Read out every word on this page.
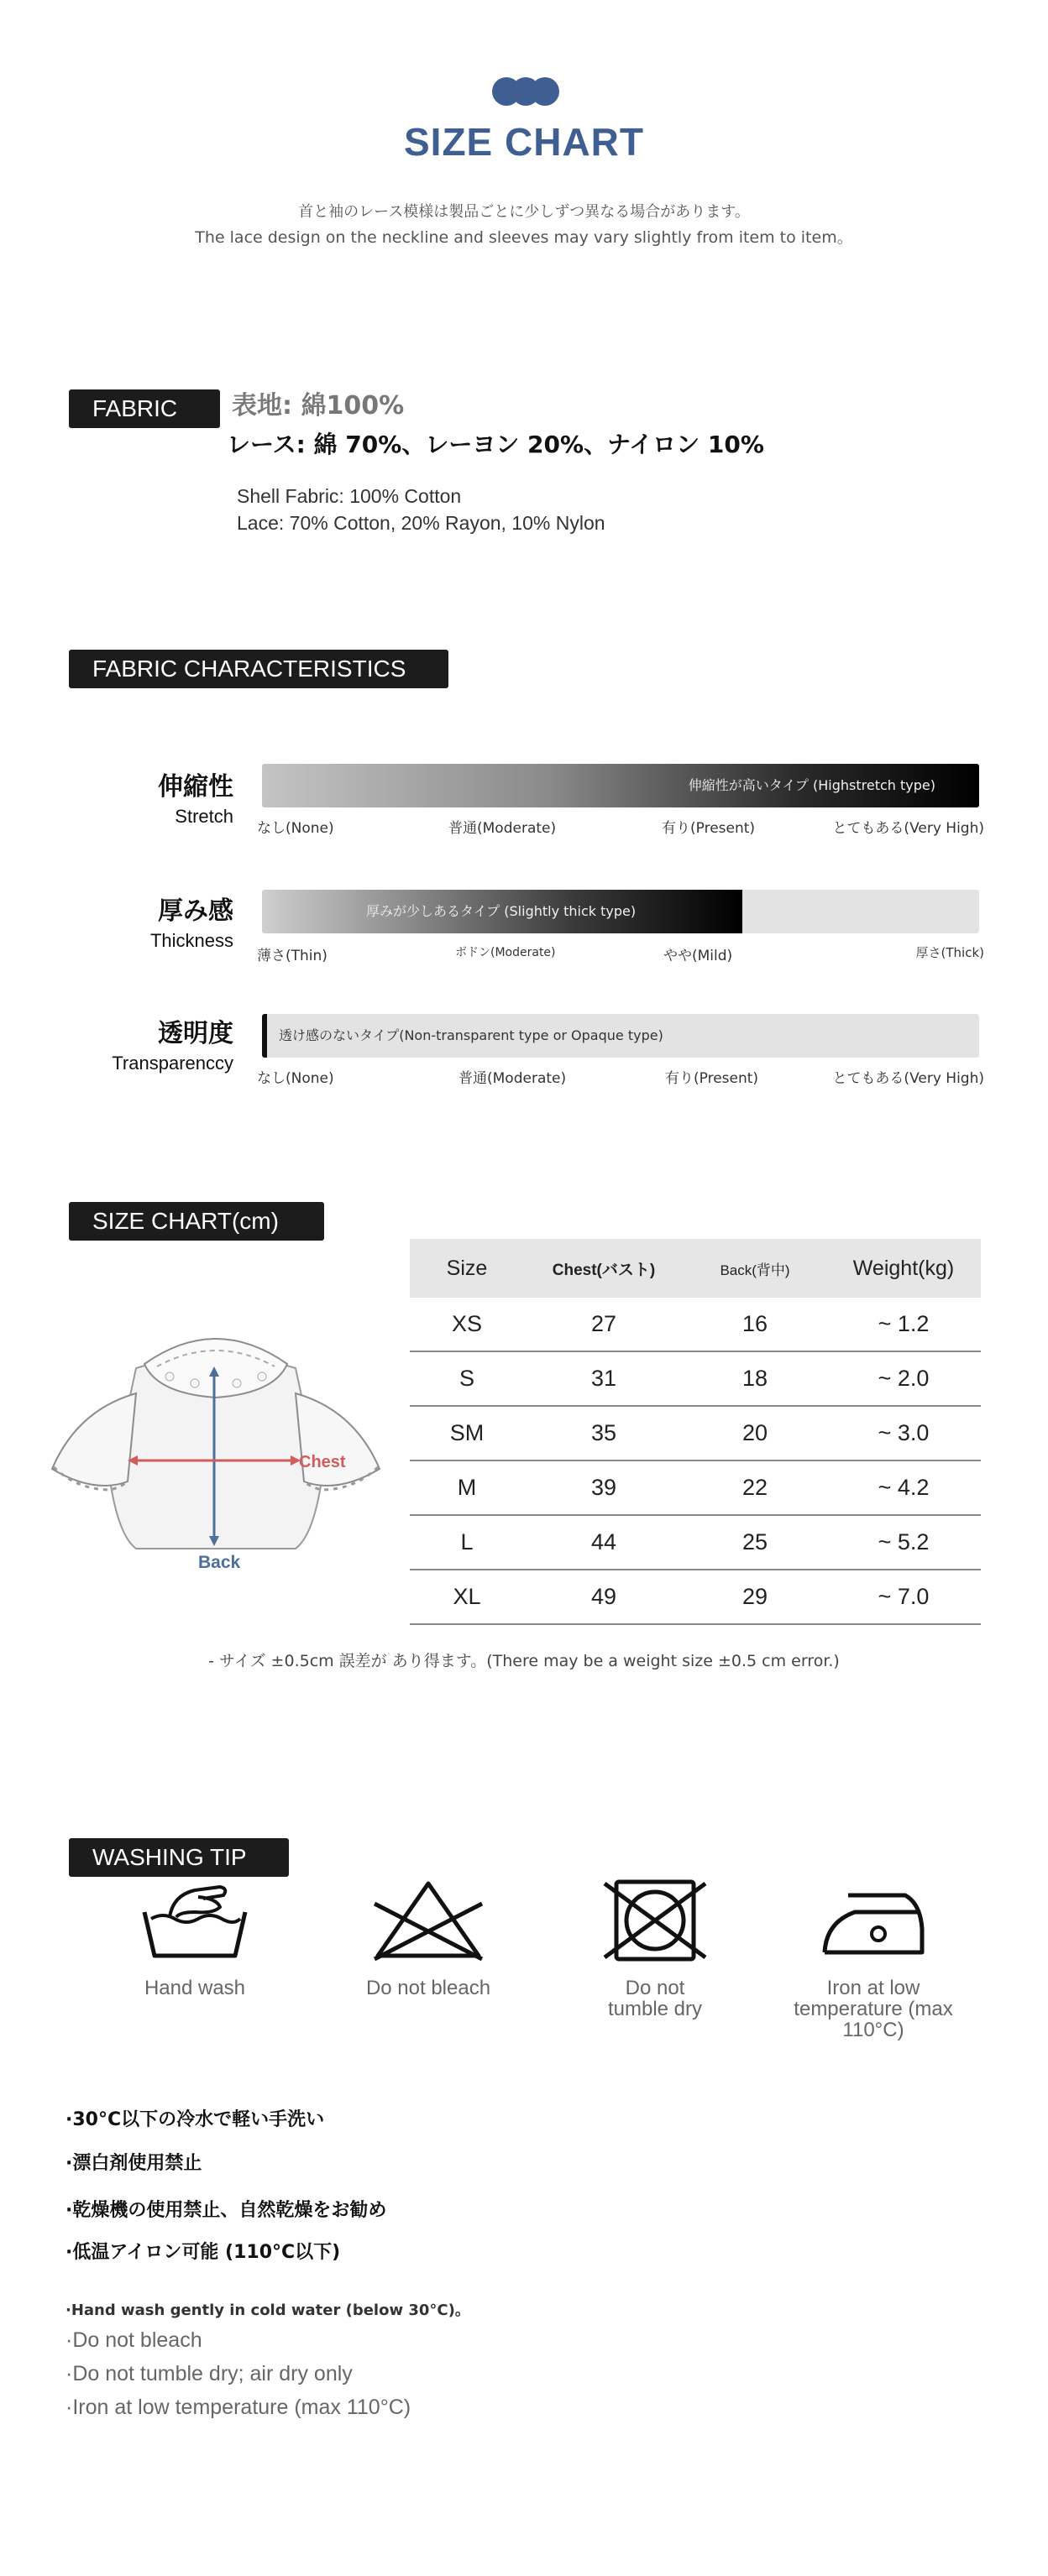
SIZE CHART
首と袖のレース模様は製品ごとに少しずつ異なる場合があります。
The lace design on the neckline and sleeves may vary slightly from item to item。
FABRIC	表地: 綿100%
レース: 綿 70%、レーヨン 20%、ナイロン 10%
Shell Fabric: 100% Cotton
Lace: 70% Cotton, 20% Rayon, 10% Nylon
FABRIC CHARACTERISTICS
伸縮性
Stretch
伸縮性が高いタイプ (Highstretch type)
なし(None)	普通(Moderate)	有り(Present)	とてもある(Very High)
厚み感
Thickness
厚みが少しあるタイプ (Slightly thick type)
薄さ(Thin)	ボドン(Moderate)	やや(Mild)	厚さ(Thick)
透明度
Transparenccy
透け感のないタイプ(Non-transparent type or Opaque type)
なし(None)	普通(Moderate)	有り(Present)	とてもある(Very High)
SIZE CHART(cm)
Chest
Back
Size	Chest(バスト)	Back(背中)	Weight(kg)
XS	27	16	~ 1.2
S	31	18	~ 2.0
SM	35	20	~ 3.0
M	39	22	~ 4.2
L	44	25	~ 5.2
XL	49	29	~ 7.0
- サイズ ±0.5cm 誤差が あり得ます。(There may be a weight size ±0.5 cm error.)
WASHING TIP
Hand wash	Do not bleach	Do not
tumble dry
Iron at low
temperature (max 110°C)
·30°C以下の冷水で軽い手洗い
·漂白剤使用禁止
·乾燥機の使用禁止、自然乾燥をお勧め
·低温アイロン可能 (110°C以下)
·Hand wash gently in cold water (below 30°C)。
·Do not bleach
·Do not tumble dry; air dry only
·Iron at low temperature (max 110°C)
